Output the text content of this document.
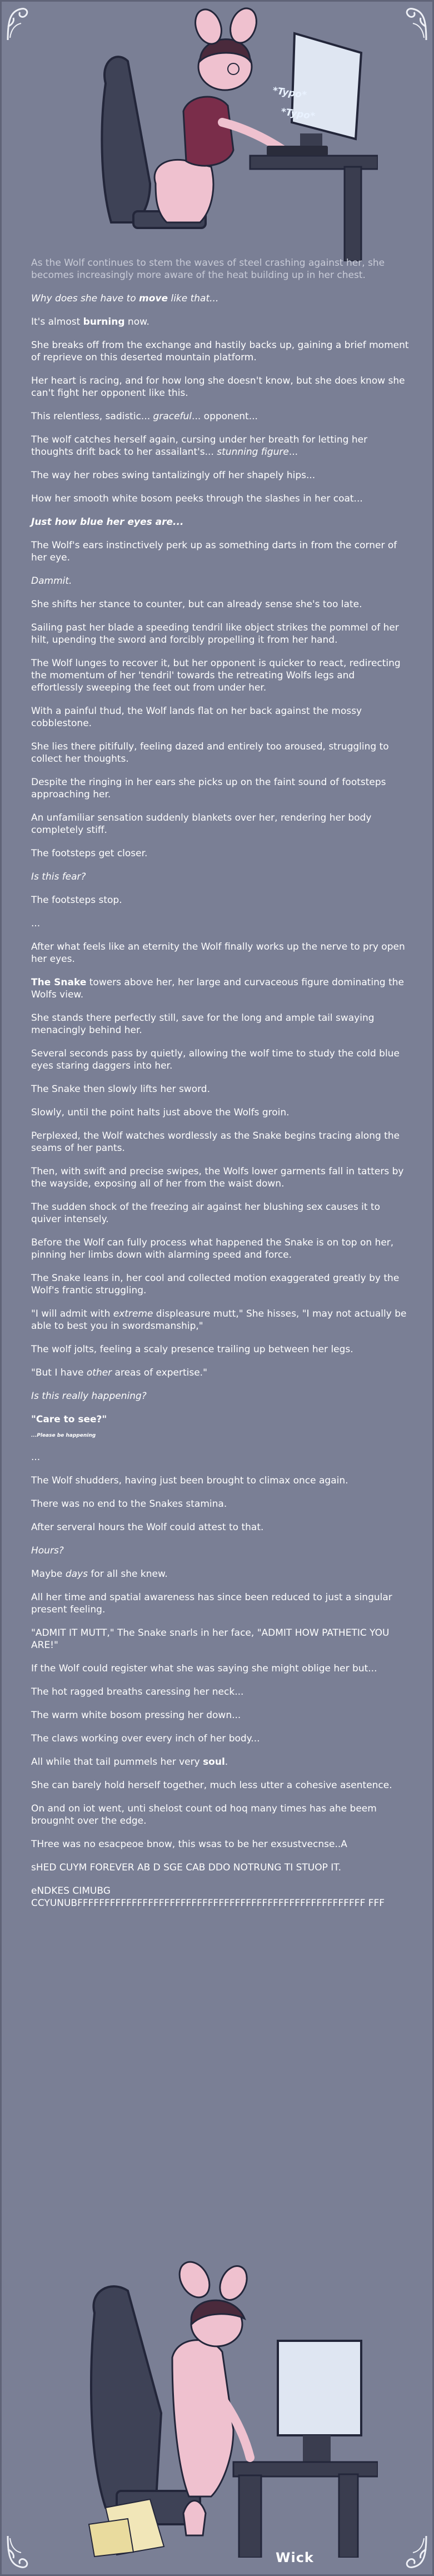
*Typo*
*Typo*

As the Wolf continues to stem the waves of steel crashing against her, she becomes increasingly more aware of the heat building up in her chest.

Why does she have to move like that...

It's almost burning now.

She breaks off from the exchange and hastily backs up, gaining a brief moment of reprieve on this deserted mountain platform.

Her heart is racing, and for how long she doesn't know, but she does know she can't fight her opponent like this.

This relentless, sadistic... graceful... opponent...

The wolf catches herself again, cursing under her breath for letting her thoughts drift back to her assailant's... stunning figure...

The way her robes swing tantalizingly off her shapely hips...

How her smooth white bosom peeks through the slashes in her coat...

Just how blue her eyes are...

The Wolf's ears instinctively perk up as something darts in from the corner of her eye.

Dammit.

She shifts her stance to counter, but can already sense she's too late.

Sailing past her blade a speeding tendril like object strikes the pommel of her hilt, upending the sword and forcibly propelling it from her hand.

The Wolf lunges to recover it, but her opponent is quicker to react, redirecting the momentum of her 'tendril' towards the retreating Wolfs legs and effortlessly sweeping the feet out from under her.

With a painful thud, the Wolf lands flat on her back against the mossy cobblestone.

She lies there pitifully, feeling dazed and entirely too aroused, struggling to collect her thoughts.

Despite the ringing in her ears she picks up on the faint sound of footsteps approaching her.

An unfamiliar sensation suddenly blankets over her, rendering her body completely stiff.

The footsteps get closer.

Is this fear?

The footsteps stop.

...

After what feels like an eternity the Wolf finally works up the nerve to pry open her eyes.

The Snake towers above her, her large and curvaceous figure dominating the Wolfs view.

She stands there perfectly still, save for the long and ample tail swaying menacingly behind her.

Several seconds pass by quietly, allowing the wolf time to study the cold blue eyes staring daggers into her.

The Snake then slowly lifts her sword.

Slowly, until the point halts just above the Wolfs groin.

Perplexed, the Wolf watches wordlessly as the Snake begins tracing along the seams of her pants.

Then, with swift and precise swipes, the Wolfs lower garments fall in tatters by the wayside, exposing all of her from the waist down.

The sudden shock of the freezing air against her blushing sex causes it to quiver intensely.

Before the Wolf can fully process what happened the Snake is on top on her, pinning her limbs down with alarming speed and force.

The Snake leans in, her cool and collected motion exaggerated greatly by the Wolf's frantic struggling.

"I will admit with extreme displeasure mutt," She hisses, "I may not actually be able to best you in swordsmanship,"

The wolf jolts, feeling a scaly presence trailing up between her legs.

"But I have other areas of expertise."

Is this really happening?

"Care to see?"

...Please be happening

...

The Wolf shudders, having just been brought to climax once again.

There was no end to the Snakes stamina.

After serveral hours the Wolf could attest to that.

Hours?

Maybe days for all she knew.

All her time and spatial awareness has since been reduced to just a singular present feeling.

"ADMIT IT MUTT," The Snake snarls in her face, "ADMIT HOW PATHETIC YOU ARE!"

If the Wolf could register what she was saying she might oblige her but...

The hot ragged breaths caressing her neck...

The warm white bosom pressing her down...

The claws working over every inch of her body...

All while that tail pummels her very soul.

She can barely hold herself together, much less utter a cohesive asentence.

On and on iot went, unti shelost count od hoq many times has ahe beem brougnht over the edge.

THree was no esacpeoe bnow, this wsas to be her exsustvecnse..A

sHED CUYM FOREVER AB D SGE CAB DDO NOTRUNG TI STUOP IT.

eNDKES CIMUBG CCYUNUBFFFFFFFFFFFFFFFFFFFFFFFFFFFFFFFFFFFFFFFFFFFFFFFFFFFFF FFF

Wick
